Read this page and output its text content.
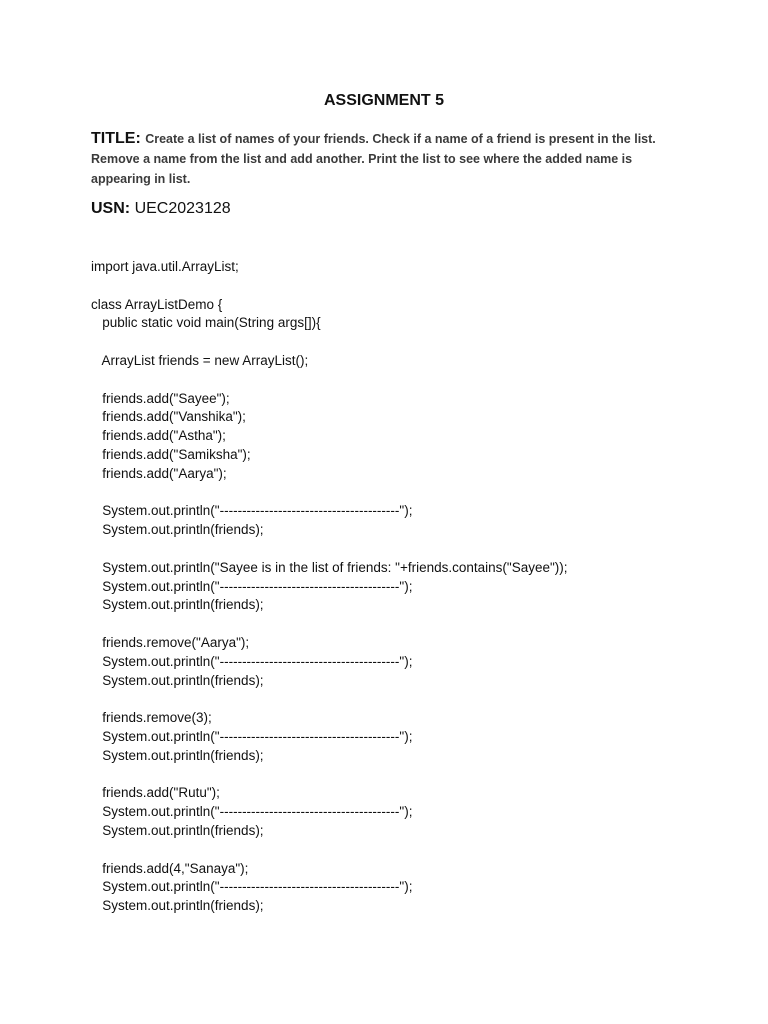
ASSIGNMENT 5
TITLE: Create a list of names of your friends. Check if a name of a friend is present in the list. Remove a name from the list and add another. Print the list to see where the added name is appearing in list.
USN: UEC2023128
import java.util.ArrayList;
class ArrayListDemo {
public static void main(String args[]){
ArrayList friends = new ArrayList();
friends.add("Sayee");
friends.add("Vanshika");
friends.add("Astha");
friends.add("Samiksha");
friends.add("Aarya");
System.out.println("----------------------------------------");
System.out.println(friends);
System.out.println("Sayee is in the list of friends: "+friends.contains("Sayee"));
System.out.println("----------------------------------------");
System.out.println(friends);
friends.remove("Aarya");
System.out.println("----------------------------------------");
System.out.println(friends);
friends.remove(3);
System.out.println("----------------------------------------");
System.out.println(friends);
friends.add("Rutu");
System.out.println("----------------------------------------");
System.out.println(friends);
friends.add(4,"Sanaya");
System.out.println("----------------------------------------");
System.out.println(friends);
